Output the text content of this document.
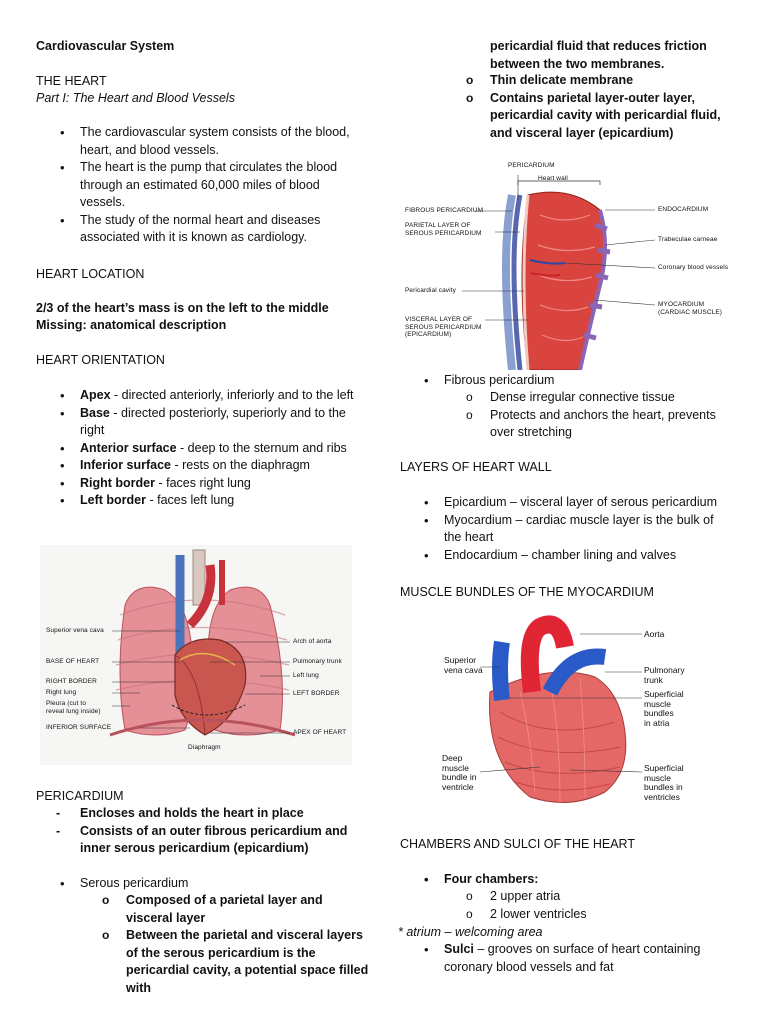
Cardiovascular System
THE HEART
Part I: The Heart and Blood Vessels
• The cardiovascular system consists of the blood, heart, and blood vessels.
• The heart is the pump that circulates the blood through an estimated 60,000 miles of blood vessels.
• The study of the normal heart and diseases associated with it is known as cardiology.
HEART LOCATION
2/3 of the heart’s mass is on the left to the middle
Missing: anatomical description
HEART ORIENTATION
• Apex - directed anteriorly, inferiorly and to the left
• Base - directed posteriorly, superiorly and to the right
• Anterior surface - deep to the sternum and ribs
• Inferior surface - rests on the diaphragm
• Right border - faces right lung
• Left border - faces left lung
Superior vena cava
BASE OF HEART
RIGHT BORDER
Right lung
Pleura (cut to
reveal lung inside)
INFERIOR SURFACE
Diaphragm
Arch of aorta
Pulmonary trunk
Left lung
LEFT BORDER
APEX OF HEART
PERICARDIUM
- Encloses and holds the heart in place
- Consists of an outer fibrous pericardium and inner serous pericardium (epicardium)
• Serous pericardium
o Composed of a parietal layer and visceral layer
o Between the parietal and visceral layers of the serous pericardium is the pericardial cavity, a potential space filled with
pericardial fluid that reduces friction between the two membranes.
o Thin delicate membrane
o Contains parietal layer-outer layer, pericardial cavity with pericardial fluid, and visceral layer (epicardium)
PERICARDIUM
Heart wall
FIBROUS PERICARDIUM
PARIETAL LAYER OF
SEROUS PERICARDIUM
Pericardial cavity
VISCERAL LAYER OF
SEROUS PERICARDIUM
(EPICARDIUM)
ENDOCARDIUM
Trabeculae carneae
Coronary blood vessels
MYOCARDIUM
(CARDIAC MUSCLE)
• Fibrous pericardium
o Dense irregular connective tissue
o Protects and anchors the heart, prevents over stretching
LAYERS OF HEART WALL
• Epicardium – visceral layer of serous pericardium
• Myocardium – cardiac muscle layer is the bulk of the heart
• Endocardium – chamber lining and valves
MUSCLE BUNDLES OF THE MYOCARDIUM
Superior
vena cava
Deep
muscle
bundle in
ventricle
Aorta
Pulmonary
trunk
Superficial
muscle
bundles
in atria
Superficial
muscle
bundles in
ventricles
CHAMBERS AND SULCI OF THE HEART
• Four chambers:
o 2 upper atria
o 2 lower ventricles
* atrium – welcoming area
• Sulci – grooves on surface of heart containing coronary blood vessels and fat
